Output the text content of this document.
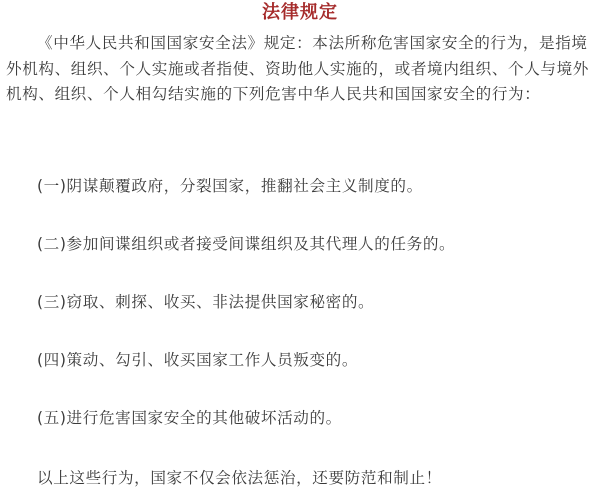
法律规定

《中华人民共和国国家安全法》规定：本法所称危害国家安全的行为，是指境外机构、组织、个人实施或者指使、资助他人实施的，或者境内组织、个人与境外机构、组织、个人相勾结实施的下列危害中华人民共和国国家安全的行为：

(一)阴谋颠覆政府，分裂国家，推翻社会主义制度的。
(二)参加间谍组织或者接受间谍组织及其代理人的任务的。
(三)窃取、刺探、收买、非法提供国家秘密的。
(四)策动、勾引、收买国家工作人员叛变的。
(五)进行危害国家安全的其他破坏活动的。

以上这些行为，国家不仅会依法惩治，还要防范和制止！
